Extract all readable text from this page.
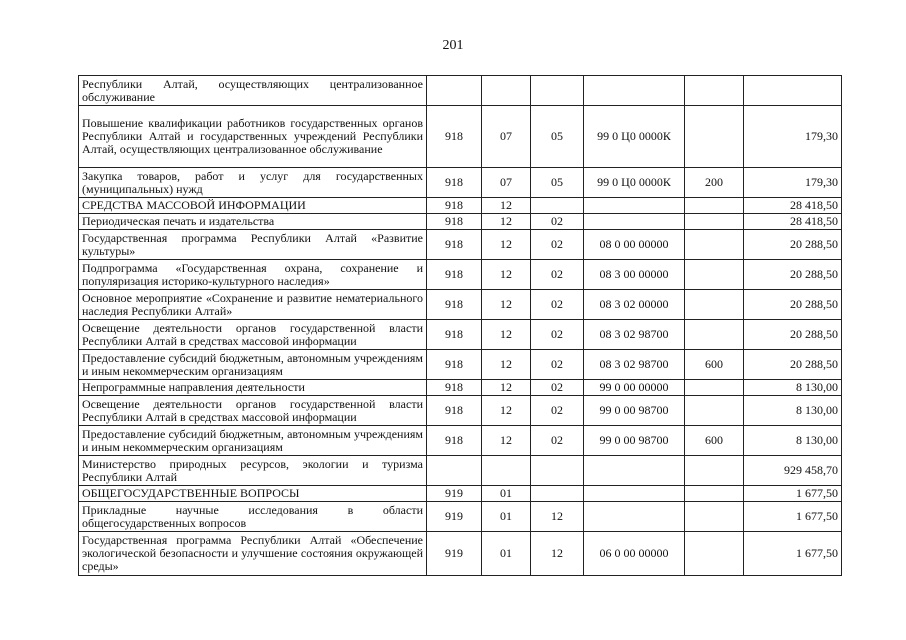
201
Республики Алтай, осуществляющих централизованное обслуживание						
Повышение квалификации работников государственных органов Республики Алтай и государственных учреждений Республики Алтай, осуществляющих централизованное обслуживание	918	07	05	99 0 Ц0 0000К		179,30
Закупка товаров, работ и услуг для государственных (муниципальных) нужд	918	07	05	99 0 Ц0 0000К	200	179,30
СРЕДСТВА МАССОВОЙ ИНФОРМАЦИИ	918	12				28 418,50
Периодическая печать и издательства	918	12	02			28 418,50
Государственная программа Республики Алтай «Развитие культуры»	918	12	02	08 0 00 00000		20 288,50
Подпрограмма «Государственная охрана, сохранение и популяризация историко-культурного наследия»	918	12	02	08 3 00 00000		20 288,50
Основное мероприятие «Сохранение и развитие нематериального наследия Республики Алтай»	918	12	02	08 3 02 00000		20 288,50
Освещение деятельности органов государственной власти Республики Алтай в средствах массовой информации	918	12	02	08 3 02 98700		20 288,50
Предоставление субсидий бюджетным, автономным учреждениям и иным некоммерческим организациям	918	12	02	08 3 02 98700	600	20 288,50
Непрограммные направления деятельности	918	12	02	99 0 00 00000		8 130,00
Освещение деятельности органов государственной власти Республики Алтай в средствах массовой информации	918	12	02	99 0 00 98700		8 130,00
Предоставление субсидий бюджетным, автономным учреждениям и иным некоммерческим организациям	918	12	02	99 0 00 98700	600	8 130,00
Министерство природных ресурсов, экологии и туризма Республики Алтай						929 458,70
ОБЩЕГОСУДАРСТВЕННЫЕ ВОПРОСЫ	919	01				1 677,50
Прикладные научные исследования в области общегосударственных вопросов	919	01	12			1 677,50
Государственная программа Республики Алтай «Обеспечение экологической безопасности и улучшение состояния окружающей среды»	919	01	12	06 0 00 00000		1 677,50
